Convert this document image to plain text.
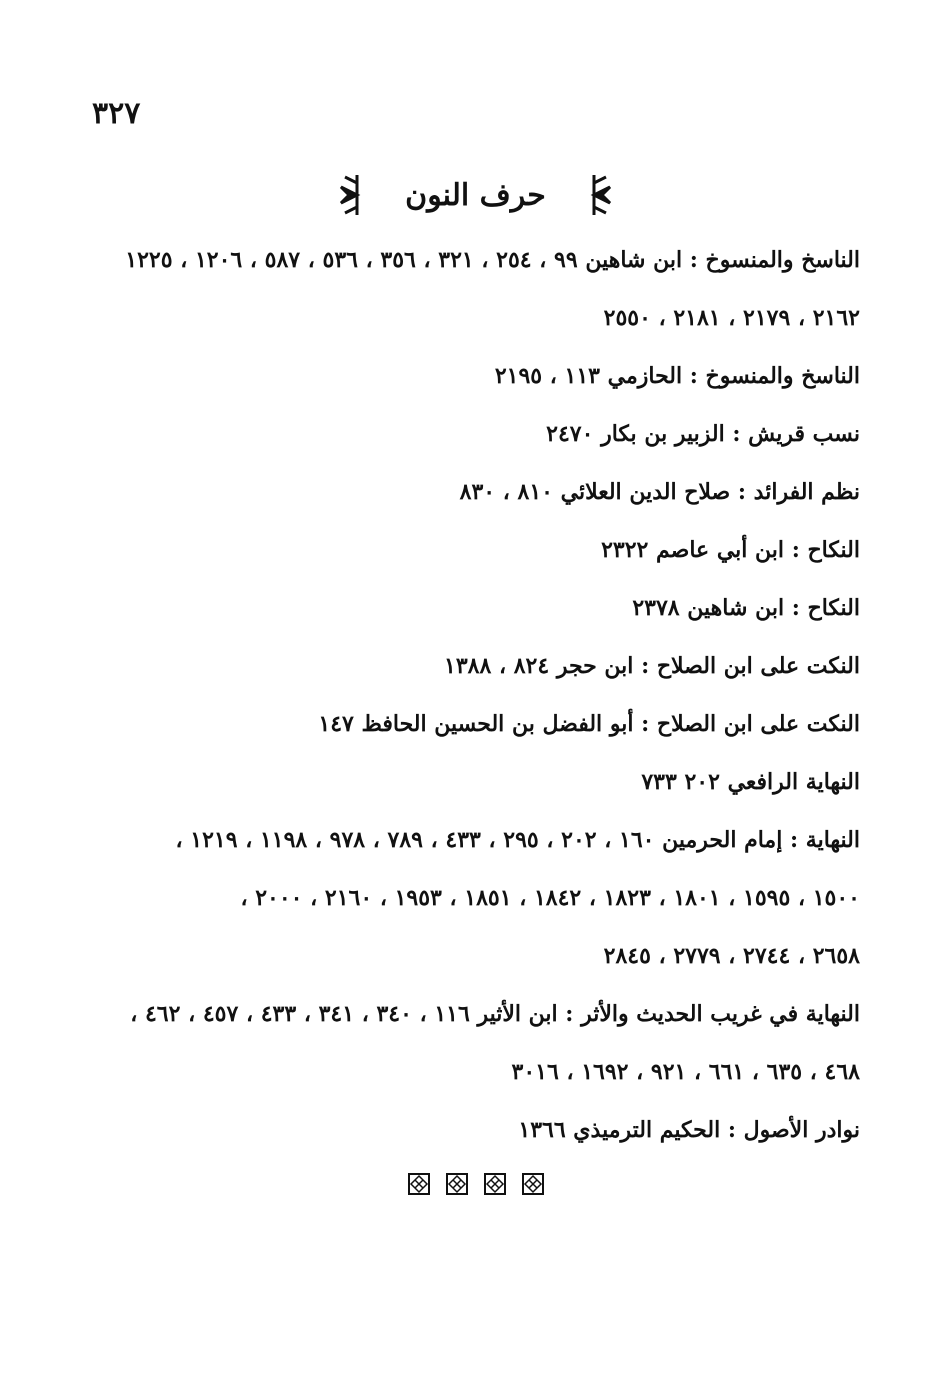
٣٢٧
حرف النون
الناسخ والمنسوخ : ابن شاهين ٩٩ ، ٢٥٤ ، ٣٢١ ، ٣٥٦ ، ٥٣٦ ، ٥٨٧ ، ١٢٠٦ ، ١٢٢٥
٢١٦٢ ، ٢١٧٩ ، ٢١٨١ ، ٢٥٥٠
الناسخ والمنسوخ : الحازمي ١١٣ ، ٢١٩٥
نسب قريش : الزبير بن بكار ٢٤٧٠
نظم الفرائد : صلاح الدين العلائي ٨١٠ ، ٨٣٠
النكاح : ابن أبي عاصم ٢٣٢٢
النكاح : ابن شاهين ٢٣٧٨
النكت على ابن الصلاح : ابن حجر ٨٢٤ ، ١٣٨٨
النكت على ابن الصلاح : أبو الفضل بن الحسين الحافظ ١٤٧
النهاية الرافعي ٢٠٢ ٧٣٣
النهاية : إمام الحرمين ١٦٠ ، ٢٠٢ ، ٢٩٥ ، ٤٣٣ ، ٧٨٩ ، ٩٧٨ ، ١١٩٨ ، ١٢١٩ ،
١٥٠٠ ، ١٥٩٥ ، ١٨٠١ ، ١٨٢٣ ، ١٨٤٢ ، ١٨٥١ ، ١٩٥٣ ، ٢١٦٠ ، ٢٠٠٠ ،
٢٦٥٨ ، ٢٧٤٤ ، ٢٧٧٩ ، ٢٨٤٥
النهاية في غريب الحديث والأثر : ابن الأثير ١١٦ ، ٣٤٠ ، ٣٤١ ، ٤٣٣ ، ٤٥٧ ، ٤٦٢ ،
٤٦٨ ، ٦٣٥ ، ٦٦١ ، ٩٢١ ، ١٦٩٢ ، ٣٠١٦
نوادر الأصول : الحكيم الترميذي ١٣٦٦
